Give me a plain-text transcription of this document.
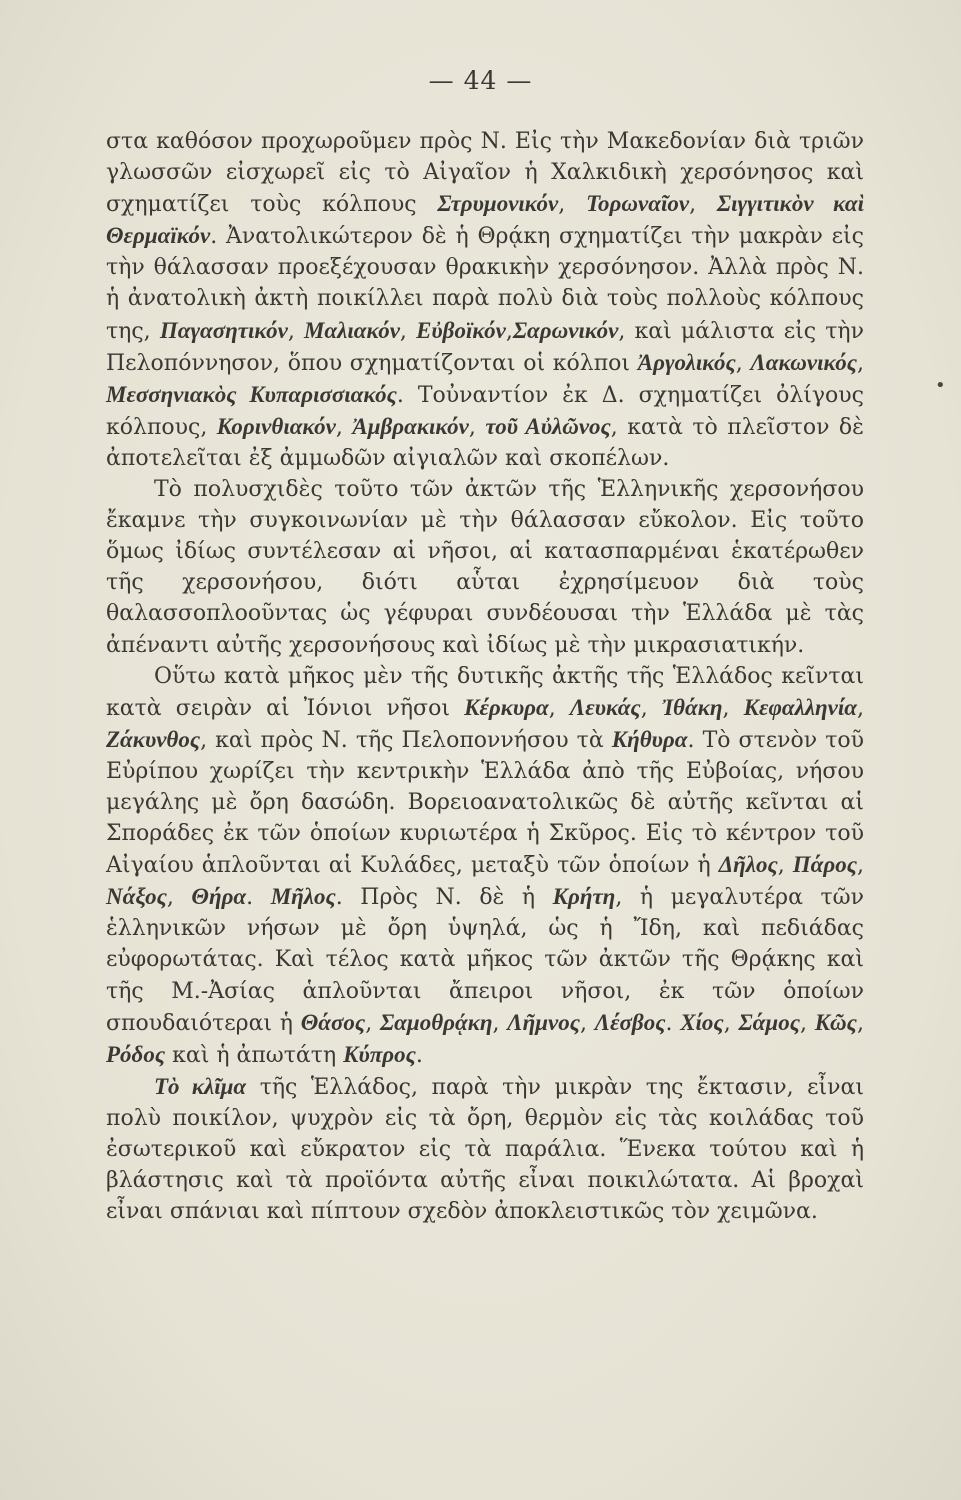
— 44 —

στα καθόσον προχωροῦμεν πρὸς Ν. Εἰς τὴν Μακεδονίαν διὰ τριῶν γλωσσῶν εἰσχωρεῖ εἰς τὸ Αἰγαῖον ἡ Χαλκιδικὴ χερσόνησος καὶ σχηματίζει τοὺς κόλπους Στρυμονικόν, Τορωναῖον, Σιγγιτικὸν καὶ Θερμαϊκόν. Ἀνατολικώτερον δὲ ἡ Θρᾴκη σχηματίζει τὴν μακρὰν εἰς τὴν θάλασσαν προεξέχουσαν θρακικὴν χερσόνησον. Ἀλλὰ πρὸς Ν. ἡ ἀνατολικὴ ἀκτὴ ποικίλλει παρὰ πολὺ διὰ τοὺς πολλοὺς κόλπους της, Παγασητικόν, Μαλιακόν, Εὐβοϊκόν,Σαρωνικόν, καὶ μάλιστα εἰς τὴν Πελοπόννησον, ὅπου σχηματίζονται οἱ κόλποι Ἀργολικός, Λακωνικός, Μεσσηνιακὸς Κυπαρισσιακός. Τοὐναντίον ἐκ Δ. σχηματίζει ὀλίγους κόλπους, Κορινθιακόν, Ἀμβρακικόν, τοῦ Αὐλῶνος, κατὰ τὸ πλεῖστον δὲ ἀποτελεῖται ἐξ ἀμμωδῶν αἰγιαλῶν καὶ σκοπέλων.

Τὸ πολυσχιδὲς τοῦτο τῶν ἀκτῶν τῆς Ἑλληνικῆς χερσονήσου ἔκαμνε τὴν συγκοινωνίαν μὲ τὴν θάλασσαν εὔκολον. Εἰς τοῦτο ὅμως ἰδίως συντέλεσαν αἱ νῆσοι, αἱ κατασπαρμέναι ἑκατέρωθεν τῆς χερσονήσου, διότι αὗται ἐχρησίμευον διὰ τοὺς θαλασσοπλοοῦντας ὡς γέφυραι συνδέουσαι τὴν Ἑλλάδα μὲ τὰς ἀπέναντι αὐτῆς χερσονήσους καὶ ἰδίως μὲ τὴν μικρασιατικήν.

Οὕτω κατὰ μῆκος μὲν τῆς δυτικῆς ἀκτῆς τῆς Ἑλλάδος κεῖνται κατὰ σειρὰν αἱ Ἰόνιοι νῆσοι Κέρκυρα, Λευκάς, Ἰθάκη, Κεφαλληνία, Ζάκυνθος, καὶ πρὸς Ν. τῆς Πελοποννήσου τὰ Κήθυρα. Τὸ στενὸν τοῦ Εὐρίπου χωρίζει τὴν κεντρικὴν Ἑλλάδα ἀπὸ τῆς Εὐβοίας, νήσου μεγάλης μὲ ὄρη δασώδη. Βορειοανατολικῶς δὲ αὐτῆς κεῖνται αἱ Σποράδες ἐκ τῶν ὁποίων κυριωτέρα ἡ Σκῦρος. Εἰς τὸ κέντρον τοῦ Αἰγαίου ἁπλοῦνται αἱ Κυλάδες, μεταξὺ τῶν ὁποίων ἡ Δῆλος, Πάρος, Νάξος, Θήρα. Μῆλος. Πρὸς Ν. δὲ ἡ Κρήτη, ἡ μεγαλυτέρα τῶν ἑλληνικῶν νήσων μὲ ὄρη ὑψηλά, ὡς ἡ Ἴδη, καὶ πεδιάδας εὐφορωτάτας. Καὶ τέλος κατὰ μῆκος τῶν ἀκτῶν τῆς Θρᾴκης καὶ τῆς Μ.-Ἀσίας ἁπλοῦνται ἄπειροι νῆσοι, ἐκ τῶν ὁποίων σπουδαιότεραι ἡ Θάσος, Σαμοθρᾴκη, Λῆμνος, Λέσβος. Χίος, Σάμος, Κῶς, Ρόδος καὶ ἡ ἀπωτάτη Κύπρος.

Τὸ κλῖμα τῆς Ἑλλάδος, παρὰ τὴν μικρὰν της ἔκτασιν, εἶναι πολὺ ποικίλον, ψυχρὸν εἰς τὰ ὄρη, θερμὸν εἰς τὰς κοιλάδας τοῦ ἐσωτερικοῦ καὶ εὔκρατον εἰς τὰ παράλια. Ἕνεκα τούτου καὶ ἡ βλάστησις καὶ τὰ προϊόντα αὐτῆς εἶναι ποικιλώτατα. Αἱ βροχαὶ εἶναι σπάνιαι καὶ πίπτουν σχεδὸν ἀποκλειστικῶς τὸν χειμῶνα.

•
